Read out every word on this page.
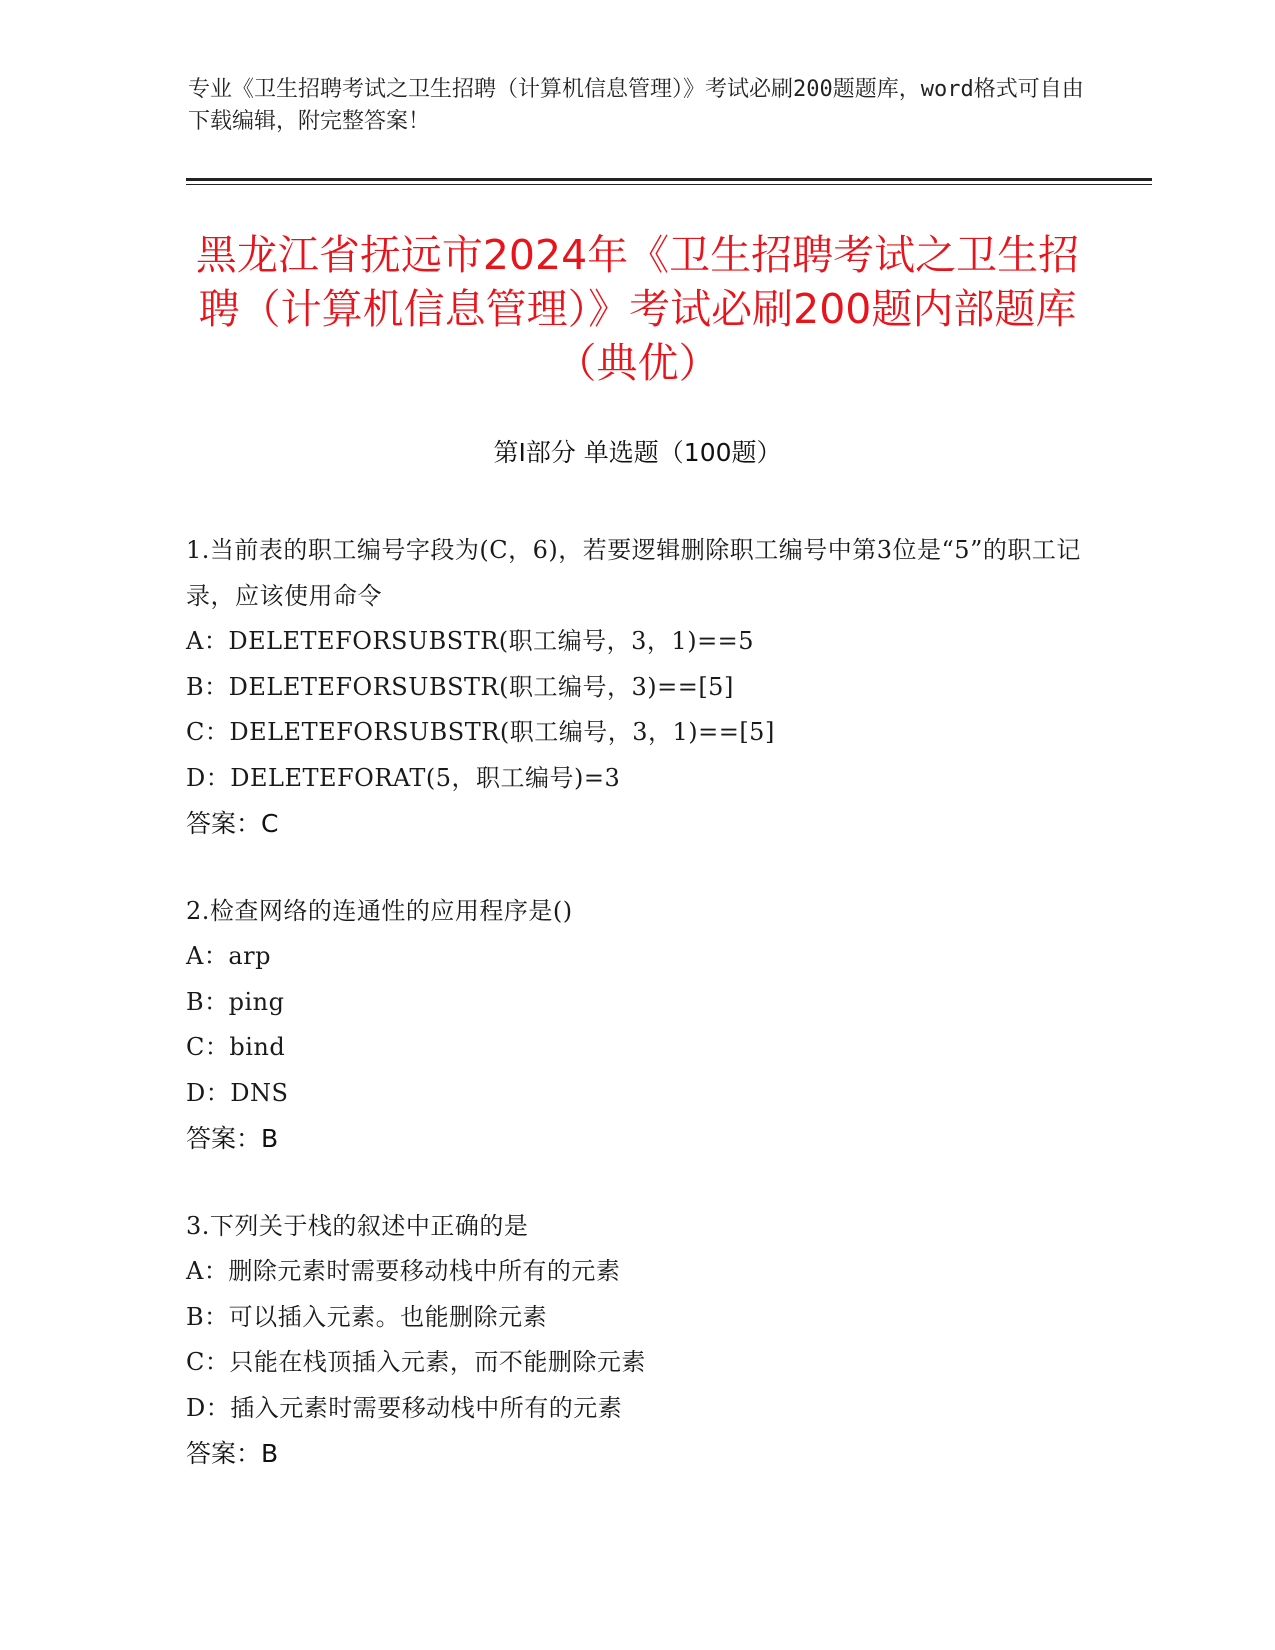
专业《卫生招聘考试之卫生招聘（计算机信息管理）》考试必刷200题题库，word格式可自由下载编辑，附完整答案！
黑龙江省抚远市2024年《卫生招聘考试之卫生招聘（计算机信息管理）》考试必刷200题内部题库（典优）
第Ⅰ部分 单选题（100题）

1.当前表的职工编号字段为(C，6)，若要逻辑删除职工编号中第3位是“5”的职工记录，应该使用命令

A：DELETEFORSUBSTR(职工编号，3，1)==5

B：DELETEFORSUBSTR(职工编号，3)==[5]

C：DELETEFORSUBSTR(职工编号，3，1)==[5]

D：DELETEFORAT(5，职工编号)=3

答案：C

2.检查网络的连通性的应用程序是()

A：arp

B：ping

C：bind

D：DNS

答案：B

3.下列关于栈的叙述中正确的是

A：删除元素时需要移动栈中所有的元素

B：可以插入元素。也能删除元素

C：只能在栈顶插入元素，而不能删除元素

D：插入元素时需要移动栈中所有的元素

答案：B
